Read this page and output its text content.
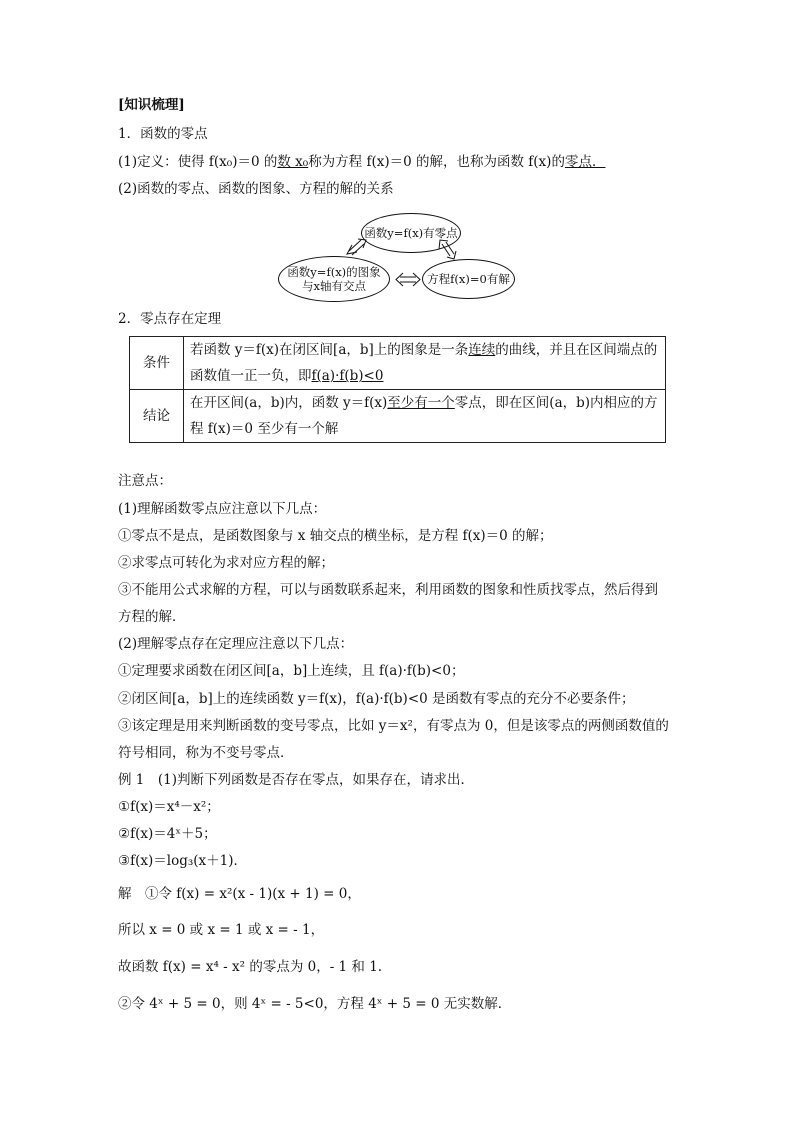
[知识梳理]
1．函数的零点
(1)定义：使得 f(x₀)＝0 的数 x₀称为方程 f(x)＝0 的解，也称为函数 f(x)的零点．
(2)函数的零点、函数的图象、方程的解的关系
函数y=f(x)有零点
函数y=f(x)的图象
与x轴有交点	方程f(x)=0有解
2．零点存在定理
条件	若函数 y＝f(x)在闭区间[a，b]上的图象是一条连续的曲线，并且在区间端点的
函数值一正一负，即f(a)·f(b)<0

结论	在开区间(a，b)内，函数 y＝f(x)至少有一个零点，即在区间(a，b)内相应的方
程 f(x)＝0 至少有一个解
注意点：
(1)理解函数零点应注意以下几点：
①零点不是点，是函数图象与 x 轴交点的横坐标，是方程 f(x)＝0 的解；
②求零点可转化为求对应方程的解；
③不能用公式求解的方程，可以与函数联系起来，利用函数的图象和性质找零点，然后得到
方程的解．
(2)理解零点存在定理应注意以下几点：
①定理要求函数在闭区间[a，b]上连续，且 f(a)·f(b)<0；
②闭区间[a，b]上的连续函数 y＝f(x)，f(a)·f(b)<0 是函数有零点的充分不必要条件；
③该定理是用来判断函数的变号零点，比如 y＝x²，有零点为 0，但是该零点的两侧函数值的
符号相同，称为不变号零点．
例 1　(1)判断下列函数是否存在零点，如果存在，请求出．
①f(x)＝x⁴－x²；
②f(x)＝4ˣ＋5；
③f(x)＝log₃(x＋1)．
解　①令 f(x) = x²(x - 1)(x + 1) = 0，
所以 x = 0 或 x = 1 或 x = - 1，
故函数 f(x) = x⁴ - x² 的零点为 0，- 1 和 1.
②令 4ˣ + 5 = 0，则 4ˣ = - 5<0，方程 4ˣ + 5 = 0 无实数解．
